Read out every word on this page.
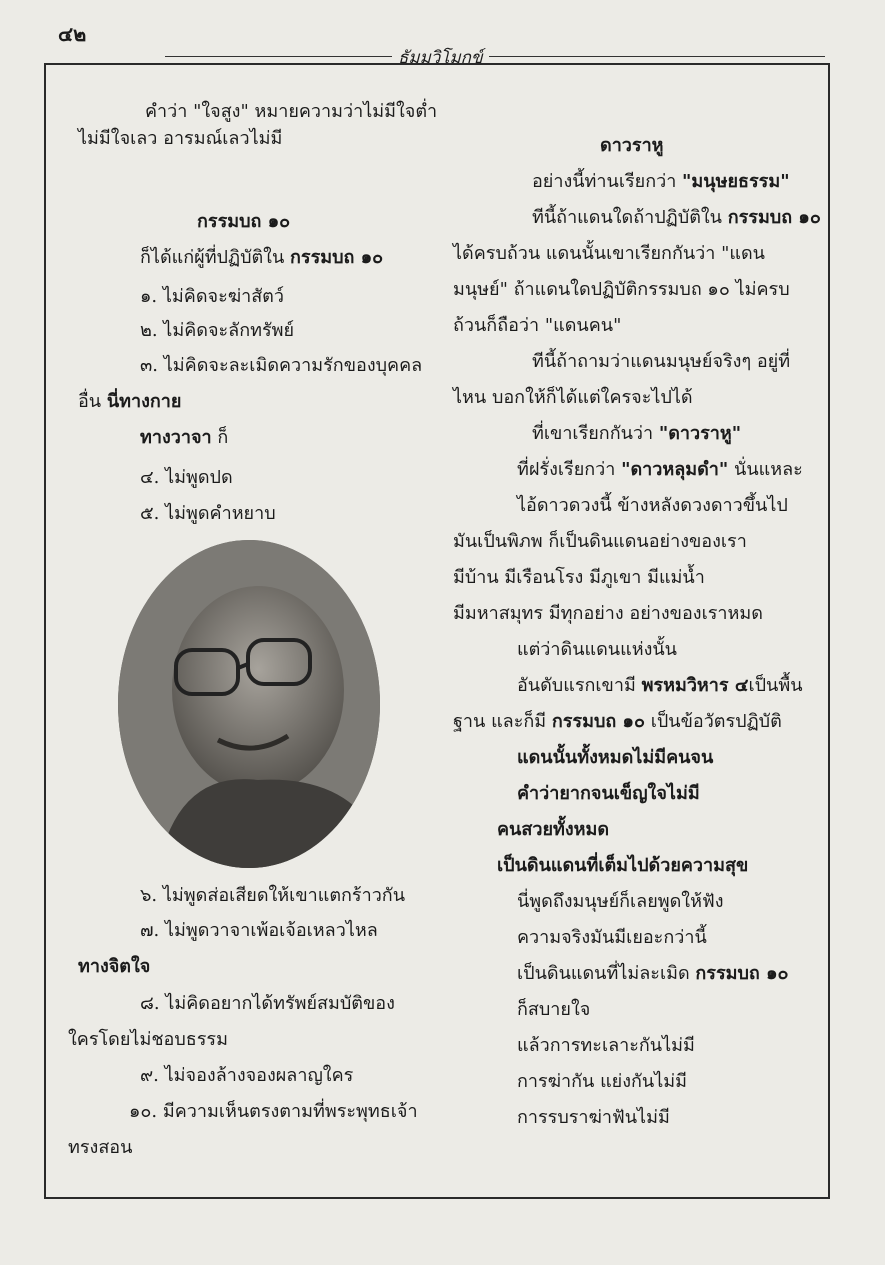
๔๒
ธัมมวิโมกข์
คำว่า "ใจสูง" หมายความว่าไม่มีใจต่ำ
ไม่มีใจเลว อารมณ์เลวไม่มี
กรรมบถ ๑๐
ก็ได้แก่ผู้ที่ปฏิบัติใน กรรมบถ ๑๐
๑. ไม่คิดจะฆ่าสัตว์
๒. ไม่คิดจะลักทรัพย์
๓. ไม่คิดจะละเมิดความรักของบุคคล
อื่น นี่ทางกาย
ทางวาจา ก็
๔. ไม่พูดปด
๕. ไม่พูดคำหยาบ
๖. ไม่พูดส่อเสียดให้เขาแตกร้าวกัน
๗. ไม่พูดวาจาเพ้อเจ้อเหลวไหล
ทางจิตใจ
๘. ไม่คิดอยากได้ทรัพย์สมบัติของ
ใครโดยไม่ชอบธรรม
๙. ไม่จองล้างจองผลาญใคร
๑๐. มีความเห็นตรงตามที่พระพุทธเจ้า
ทรงสอน
ดาวราหู
อย่างนี้ท่านเรียกว่า "มนุษยธรรม"
ทีนี้ถ้าแดนใดถ้าปฏิบัติใน กรรมบถ ๑๐
ได้ครบถ้วน แดนนั้นเขาเรียกกันว่า "แดน
มนุษย์" ถ้าแดนใดปฏิบัติกรรมบถ ๑๐ ไม่ครบ
ถ้วนก็ถือว่า "แดนคน"
ทีนี้ถ้าถามว่าแดนมนุษย์จริงๆ อยู่ที่
ไหน บอกให้ก็ได้แต่ใครจะไปได้
ที่เขาเรียกกันว่า "ดาวราหู"
ที่ฝรั่งเรียกว่า "ดาวหลุมดำ" นั่นแหละ
ไอ้ดาวดวงนี้ ข้างหลังดวงดาวขึ้นไป
มันเป็นพิภพ ก็เป็นดินแดนอย่างของเรา
มีบ้าน มีเรือนโรง มีภูเขา มีแม่น้ำ
มีมหาสมุทร มีทุกอย่าง อย่างของเราหมด
แต่ว่าดินแดนแห่งนั้น
อันดับแรกเขามี พรหมวิหาร ๔เป็นพื้น
ฐาน และก็มี กรรมบถ ๑๐ เป็นข้อวัตรปฏิบัติ
แดนนั้นทั้งหมดไม่มีคนจน
คำว่ายากจนเข็ญใจไม่มี
คนสวยทั้งหมด
เป็นดินแดนที่เต็มไปด้วยความสุข
นี่พูดถึงมนุษย์ก็เลยพูดให้ฟัง
ความจริงมันมีเยอะกว่านี้
เป็นดินแดนที่ไม่ละเมิด กรรมบถ ๑๐
ก็สบายใจ
แล้วการทะเลาะกันไม่มี
การฆ่ากัน แย่งกันไม่มี
การรบราฆ่าฟันไม่มี
